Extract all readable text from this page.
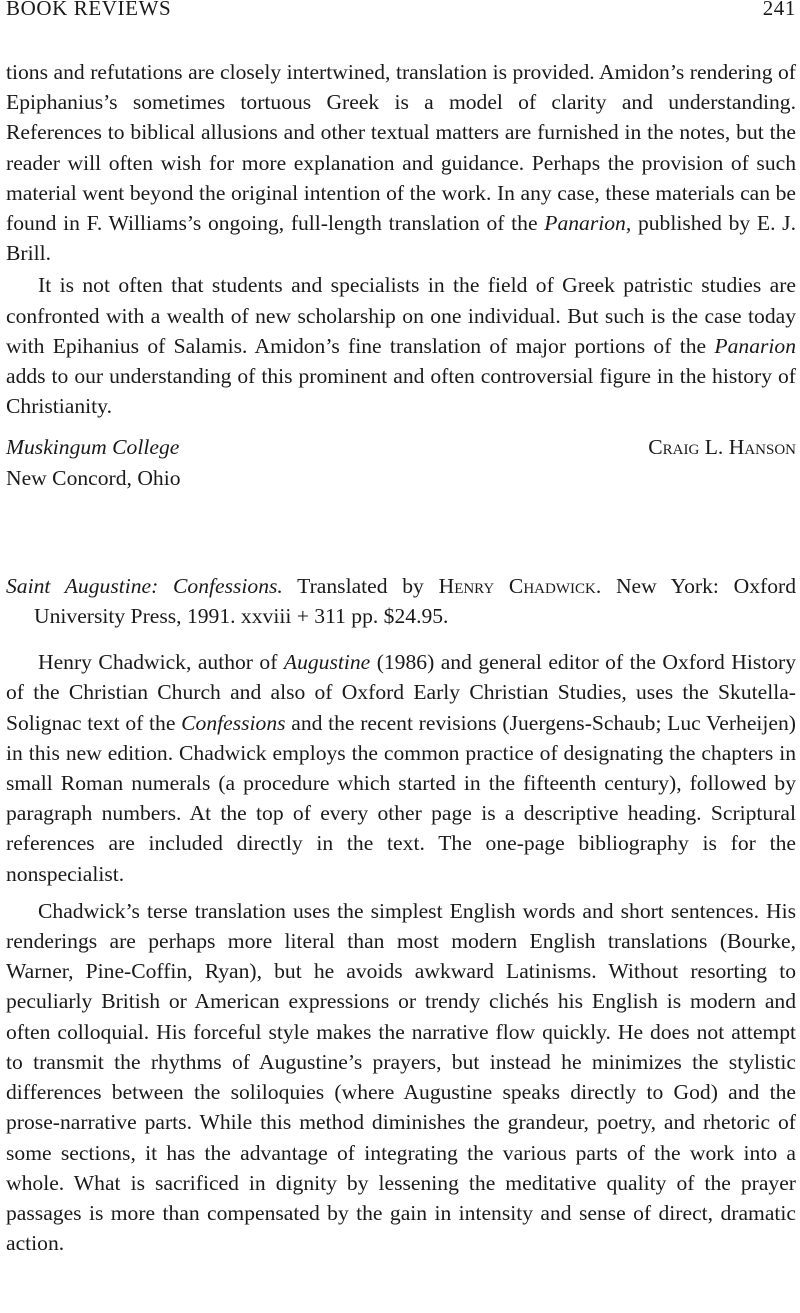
BOOK REVIEWS	241

tions and refutations are closely intertwined, translation is provided. Amidon’s rendering of Epiphanius’s sometimes tortuous Greek is a model of clarity and understanding. References to biblical allusions and other textual matters are furnished in the notes, but the reader will often wish for more explanation and guidance. Perhaps the provision of such material went beyond the original intention of the work. In any case, these materials can be found in F. Williams’s ongoing, full-length translation of the Panarion, published by E. J. Brill.

It is not often that students and specialists in the field of Greek patristic studies are confronted with a wealth of new scholarship on one individual. But such is the case today with Epihanius of Salamis. Amidon’s fine translation of major portions of the Panarion adds to our understanding of this prominent and often controversial figure in the history of Christianity.

Muskingum College	Craig L. Hanson
New Concord, Ohio
Saint Augustine: Confessions. Translated by Henry Chadwick. New York: Oxford University Press, 1991. xxviii + 311 pp. $24.95.

Henry Chadwick, author of Augustine (1986) and general editor of the Oxford History of the Christian Church and also of Oxford Early Christian Studies, uses the Skutella-Solignac text of the Confessions and the recent revisions (Juergens-Schaub; Luc Verheijen) in this new edition. Chadwick employs the common practice of designating the chapters in small Roman numerals (a procedure which started in the fifteenth century), followed by paragraph numbers. At the top of every other page is a descriptive heading. Scriptural references are included directly in the text. The one-page bibliography is for the nonspecialist.

Chadwick’s terse translation uses the simplest English words and short sentences. His renderings are perhaps more literal than most modern English translations (Bourke, Warner, Pine-Coffin, Ryan), but he avoids awkward Latinisms. Without resorting to peculiarly British or American expressions or trendy clichés his English is modern and often colloquial. His forceful style makes the narrative flow quickly. He does not attempt to transmit the rhythms of Augustine’s prayers, but instead he minimizes the stylistic differences between the soliloquies (where Augustine speaks directly to God) and the prose-narrative parts. While this method diminishes the grandeur, poetry, and rhetoric of some sections, it has the advantage of integrating the various parts of the work into a whole. What is sacrificed in dignity by lessening the meditative quality of the prayer passages is more than compensated by the gain in intensity and sense of direct, dramatic action.
